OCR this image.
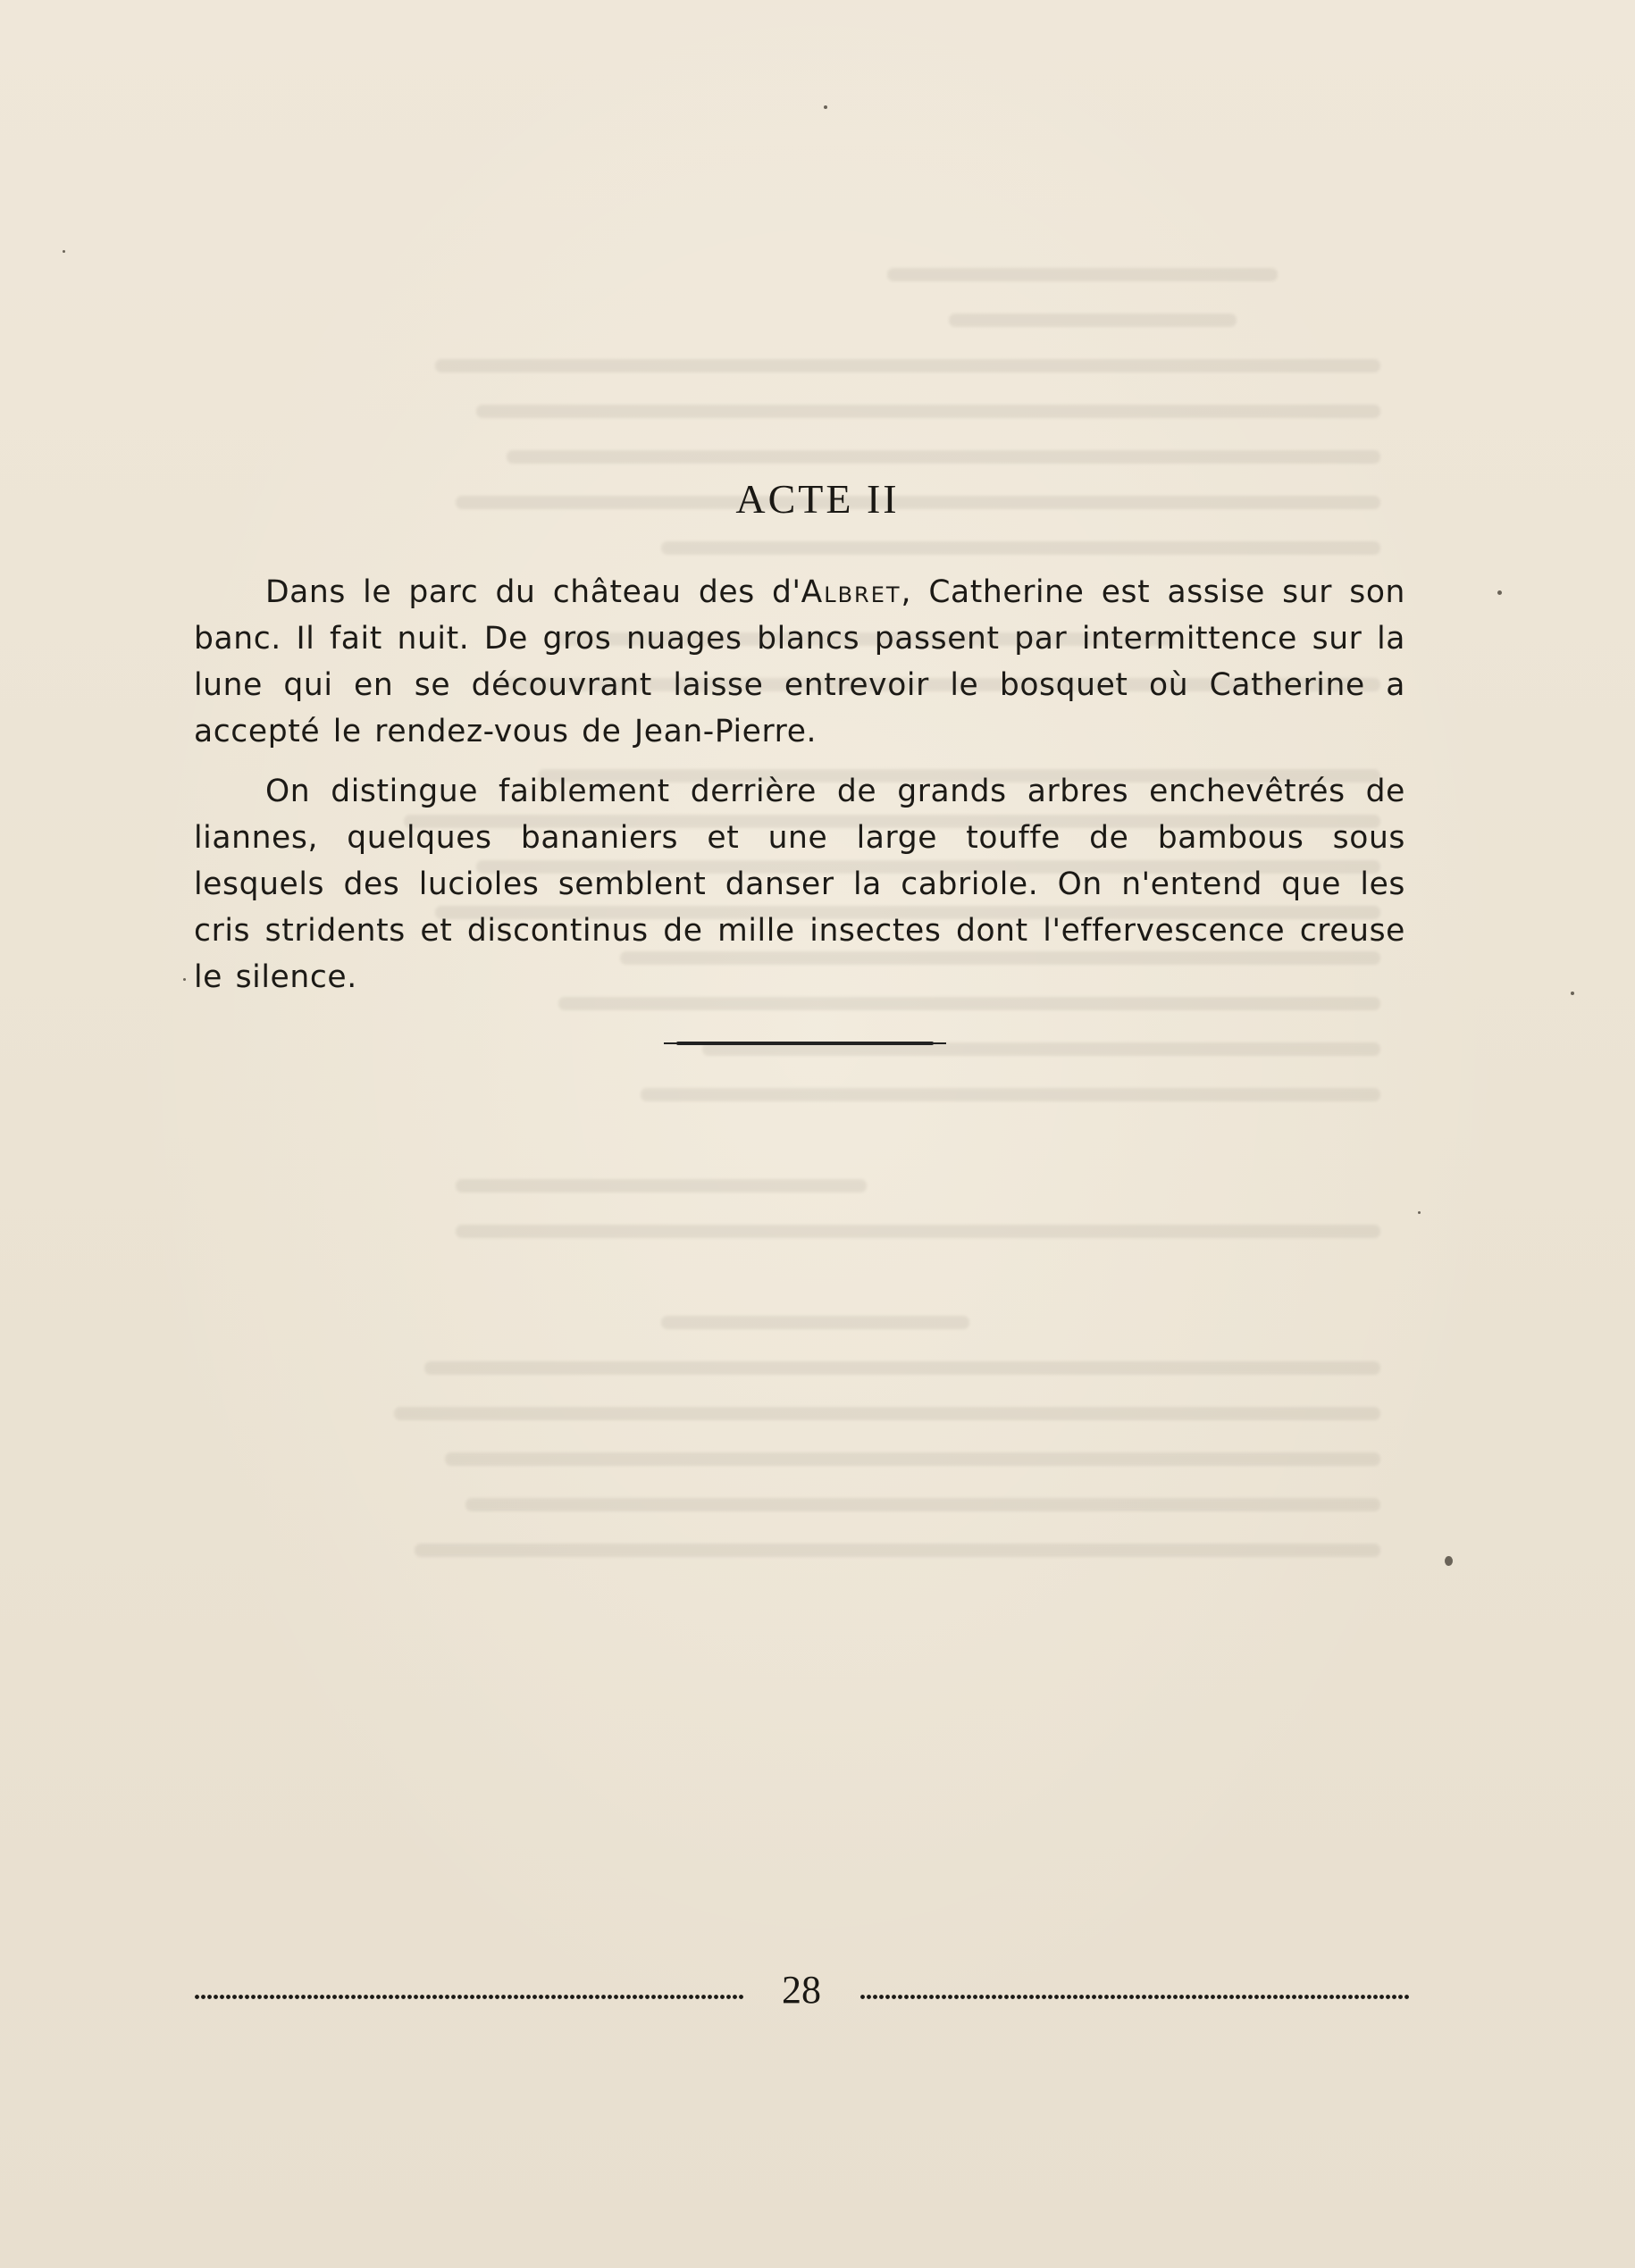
ACTE II

Dans le parc du château des d'Albret, Catherine est assise sur son banc. Il fait nuit. De gros nuages blancs passent par intermittence sur la lune qui en se découvrant laisse entrevoir le bosquet où Catherine a accepté le rendez-vous de Jean-Pierre.

On distingue faiblement derrière de grands arbres enchevêtrés de liannes, quelques bananiers et une large touffe de bambous sous lesquels des lucioles semblent danser la cabriole. On n'entend que les cris stridents et discontinus de mille insectes dont l'effervescence creuse le silence.

28
